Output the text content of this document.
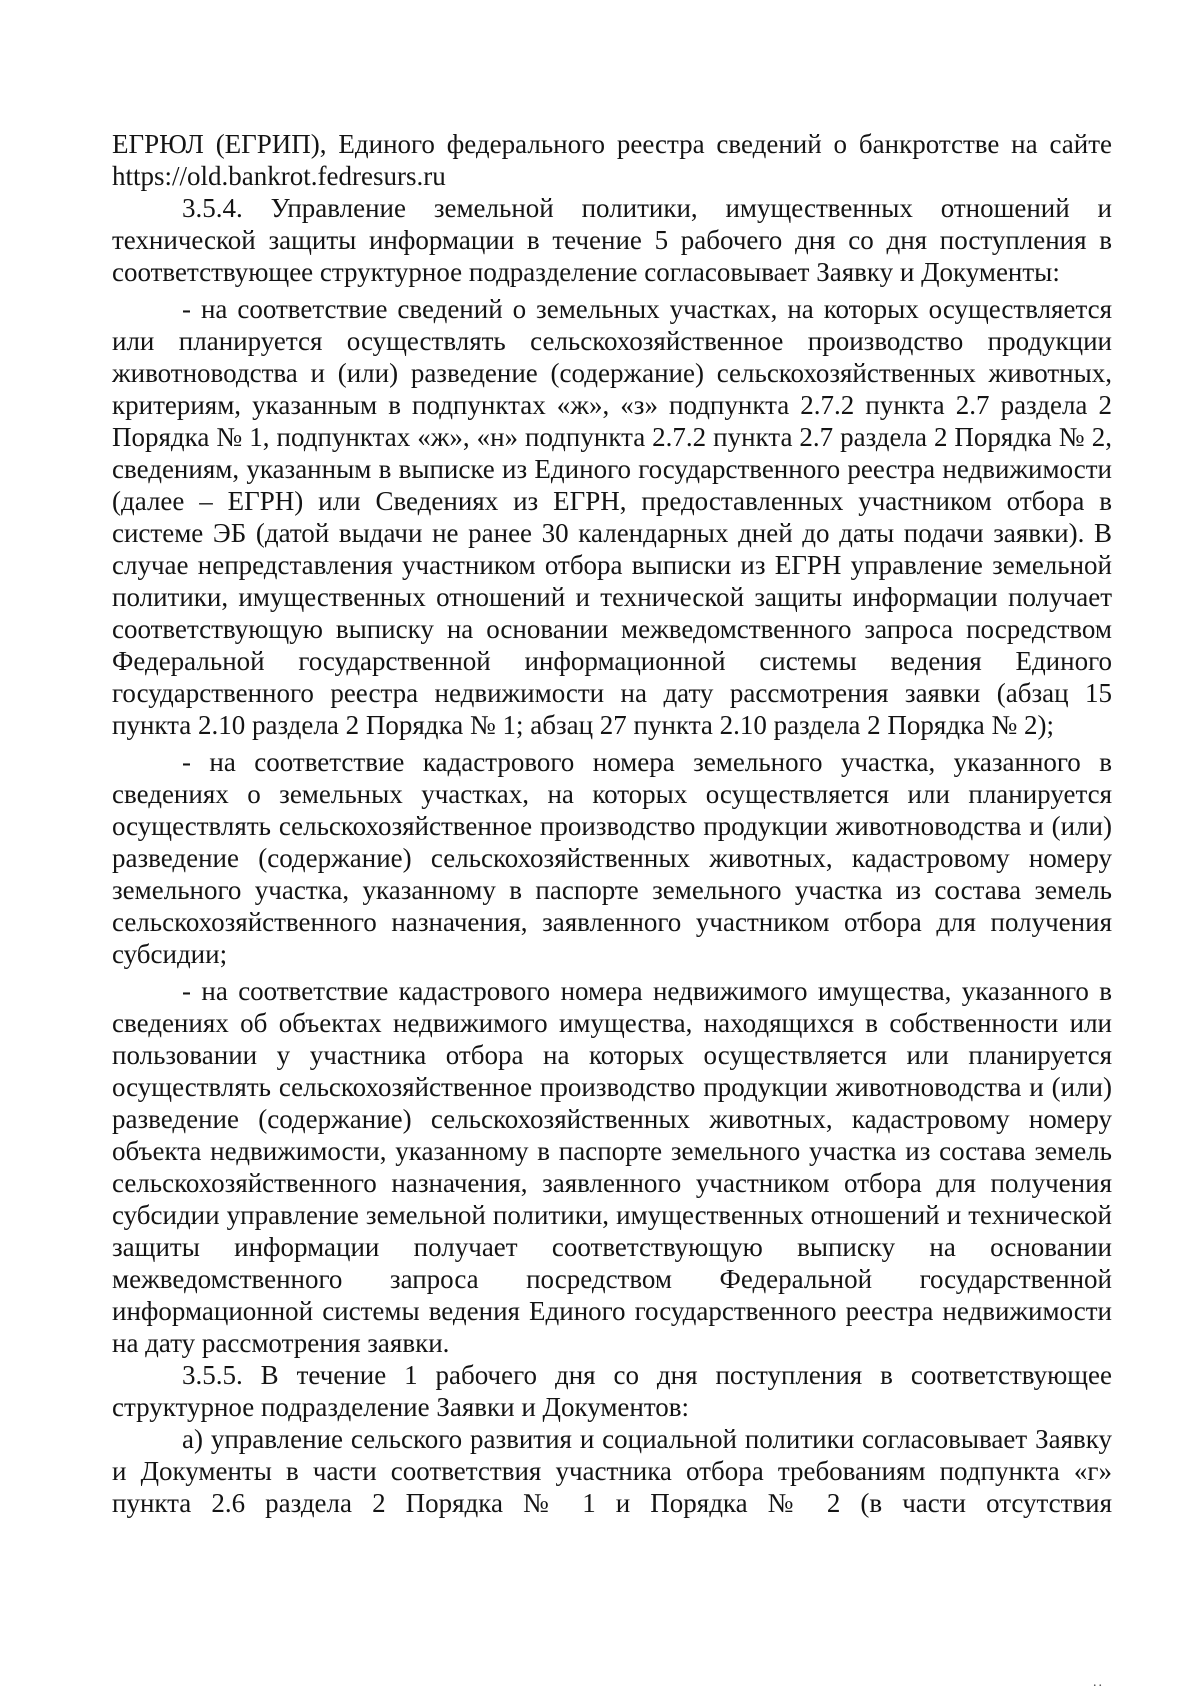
ЕГРЮЛ (ЕГРИП), Единого федерального реестра сведений о банкротстве на сайте https://old.bankrot.fedresurs.ru

3.5.4. Управление земельной политики, имущественных отношений и технической защиты информации в течение 5 рабочего дня со дня поступления в соответствующее структурное подразделение согласовывает Заявку и Документы:

- на соответствие сведений о земельных участках, на которых осуществляется или планируется осуществлять сельскохозяйственное производство продукции животноводства и (или) разведение (содержание) сельскохозяйственных животных, критериям, указанным в подпунктах «ж», «з» подпункта 2.7.2 пункта 2.7 раздела 2 Порядка № 1, подпунктах «ж», «н» подпункта 2.7.2 пункта 2.7 раздела 2 Порядка № 2, сведениям, указанным в выписке из Единого государственного реестра недвижимости (далее – ЕГРН) или Сведениях из ЕГРН, предоставленных участником отбора в системе ЭБ (датой выдачи не ранее 30 календарных дней до даты подачи заявки). В случае непредставления участником отбора выписки из ЕГРН управление земельной политики, имущественных отношений и технической защиты информации получает соответствующую выписку на основании межведомственного запроса посредством Федеральной государственной информационной системы ведения Единого государственного реестра недвижимости на дату рассмотрения заявки (абзац 15 пункта 2.10 раздела 2 Порядка № 1; абзац 27 пункта 2.10 раздела 2 Порядка № 2);

- на соответствие кадастрового номера земельного участка, указанного в сведениях о земельных участках, на которых осуществляется или планируется осуществлять сельскохозяйственное производство продукции животноводства и (или) разведение (содержание) сельскохозяйственных животных, кадастровому номеру земельного участка, указанному в паспорте земельного участка из состава земель сельскохозяйственного назначения, заявленного участником отбора для получения субсидии;

- на соответствие кадастрового номера недвижимого имущества, указанного в сведениях об объектах недвижимого имущества, находящихся в собственности или пользовании у участника отбора на которых осуществляется или планируется осуществлять сельскохозяйственное производство продукции животноводства и (или) разведение (содержание) сельскохозяйственных животных, кадастровому номеру объекта недвижимости, указанному в паспорте земельного участка из состава земель сельскохозяйственного назначения, заявленного участником отбора для получения субсидии управление земельной политики, имущественных отношений и технической защиты информации получает соответствующую выписку на основании межведомственного запроса посредством Федеральной государственной информационной системы ведения Единого государственного реестра недвижимости на дату рассмотрения заявки.

3.5.5. В течение 1 рабочего дня со дня поступления в соответствующее структурное подразделение Заявки и Документов:

а) управление сельского развития и социальной политики согласовывает Заявку и Документы в части соответствия участника отбора требованиям подпункта «г» пункта 2.6 раздела 2 Порядка № 1 и Порядка № 2 (в части отсутствия

..
